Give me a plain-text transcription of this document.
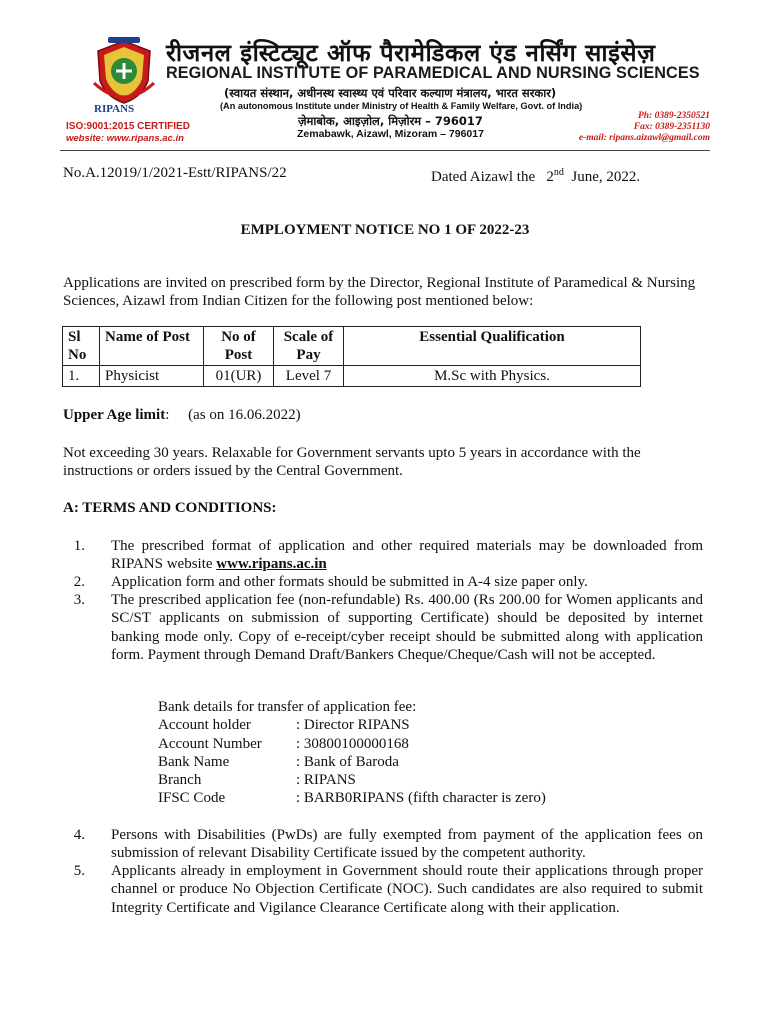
RIPANS
ISO:9001:2015 CERTIFIED
website: www.ripans.ac.in
रीजनल इंस्टिट्यूट ऑफ पैरामेडिकल एंड नर्सिंग साइंसेज़
REGIONAL INSTITUTE OF PARAMEDICAL AND NURSING SCIENCES
(स्वायत संस्थान, अधीनस्थ स्वास्थ्य एवं परिवार कल्याण मंत्रालय, भारत सरकार)
(An autonomous Institute under Ministry of Health & Family Welfare, Govt. of India)
ज़ेमाबोक, आइज़ोल, मिज़ोरम – 796017
Zemabawk, Aizawl, Mizoram – 796017
Ph: 0389-2350521
Fax: 0389-2351130
e-mail: ripans.aizawl@gmail.com
No.A.12019/1/2021-Estt/RIPANS/22	Dated Aizawl the 2nd June, 2022.
EMPLOYMENT NOTICE NO 1 OF 2022-23
Applications are invited on prescribed form by the Director, Regional Institute of Paramedical & Nursing Sciences, Aizawl from Indian Citizen for the following post mentioned below:
Sl No	Name of Post	No of Post	Scale of Pay	Essential Qualification
1.	Physicist	01(UR)	Level 7	M.Sc with Physics.
Upper Age limit:     (as on 16.06.2022)
Not exceeding 30 years. Relaxable for Government servants upto 5 years in accordance with the instructions or orders issued by the Central Government.
A: TERMS AND CONDITIONS:
1. The prescribed format of application and other required materials may be downloaded from RIPANS website www.ripans.ac.in
2. Application form and other formats should be submitted in A-4 size paper only.
3. The prescribed application fee (non-refundable) Rs. 400.00 (Rs 200.00 for Women applicants and SC/ST applicants on submission of supporting Certificate) should be deposited by internet banking mode only. Copy of e-receipt/cyber receipt should be submitted along with application form. Payment through Demand Draft/Bankers Cheque/Cheque/Cash will not be accepted.
Bank details for transfer of application fee:
Account holder	: Director RIPANS
Account Number	: 30800100000168
Bank Name	: Bank of Baroda
Branch	: RIPANS
IFSC Code	: BARB0RIPANS (fifth character is zero)
4. Persons with Disabilities (PwDs) are fully exempted from payment of the application fees on submission of relevant Disability Certificate issued by the competent authority.
5. Applicants already in employment in Government should route their applications through proper channel or produce No Objection Certificate (NOC). Such candidates are also required to submit Integrity Certificate and Vigilance Clearance Certificate along with their application.
